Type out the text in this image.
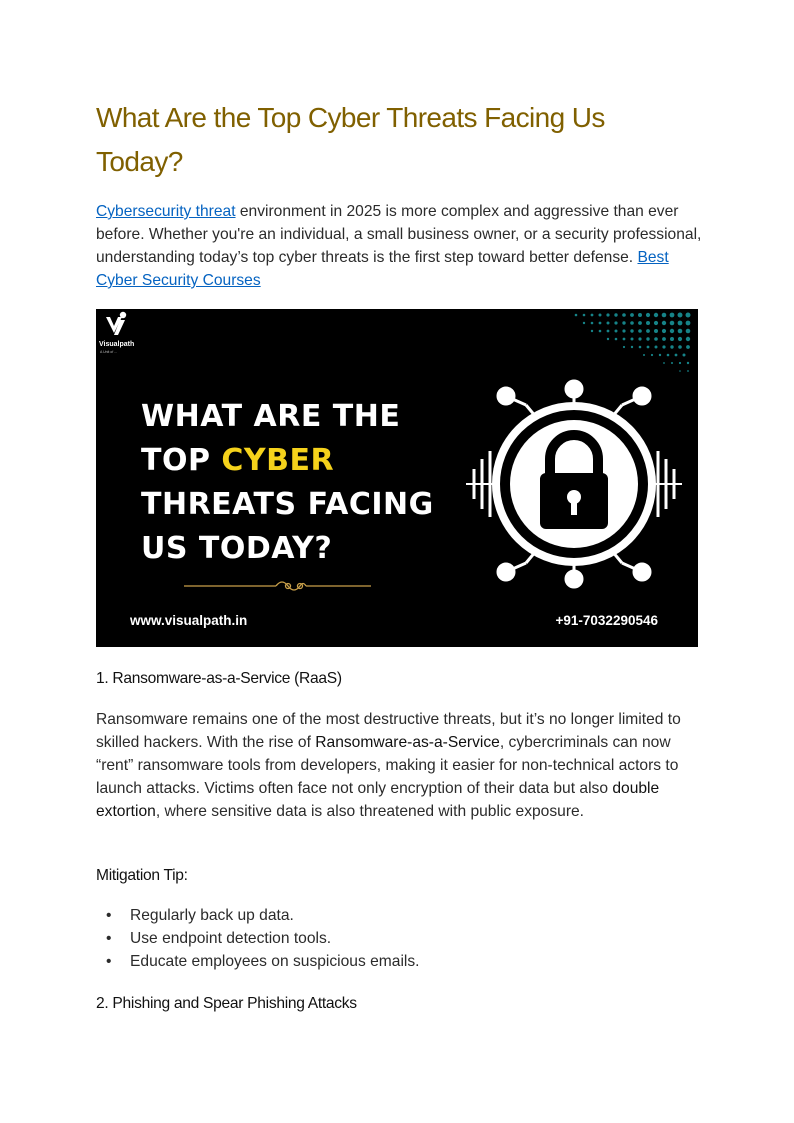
What Are the Top Cyber Threats Facing Us Today?

Cybersecurity threat environment in 2025 is more complex and aggressive than ever before. Whether you're an individual, a small business owner, or a security professional, understanding today’s top cyber threats is the first step toward better defense. Best Cyber Security Courses

Visualpath
A Unit of ...

WHAT ARE THE
TOP CYBER
THREATS FACING
US TODAY?

www.visualpath.in	+91-7032290546
1. Ransomware-as-a-Service (RaaS)

Ransomware remains one of the most destructive threats, but it’s no longer limited to skilled hackers. With the rise of Ransomware-as-a-Service, cybercriminals can now “rent” ransomware tools from developers, making it easier for non-technical actors to launch attacks. Victims often face not only encryption of their data but also double extortion, where sensitive data is also threatened with public exposure.

Mitigation Tip:
• Regularly back up data.
• Use endpoint detection tools.
• Educate employees on suspicious emails.
2. Phishing and Spear Phishing Attacks
